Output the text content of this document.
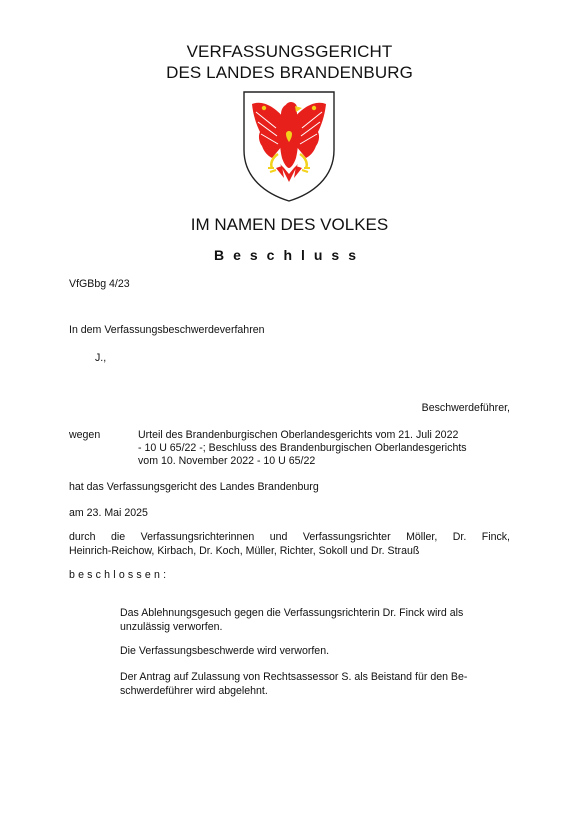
VERFASSUNGSGERICHT
DES LANDES BRANDENBURG
IM NAMEN DES VOLKES
Beschluss
VfGBbg 4/23
In dem Verfassungsbeschwerdeverfahren
J.,
Beschwerdeführer,
wegen	Urteil des Brandenburgischen Oberlandesgerichts vom 21. Juli 2022
- 10 U 65/22 -; Beschluss des Brandenburgischen Oberlandesgerichts
vom 10. November 2022 - 10 U 65/22
hat das Verfassungsgericht des Landes Brandenburg
am 23. Mai 2025
durch die Verfassungsrichterinnen und Verfassungsrichter Möller, Dr. Finck,
Heinrich-Reichow, Kirbach, Dr. Koch, Müller, Richter, Sokoll und Dr. Strauß
beschlossen:
Das Ablehnungsgesuch gegen die Verfassungsrichterin Dr. Finck wird als
unzulässig verworfen.
Die Verfassungsbeschwerde wird verworfen.
Der Antrag auf Zulassung von Rechtsassessor S. als Beistand für den Be-
schwerdeführer wird abgelehnt.
